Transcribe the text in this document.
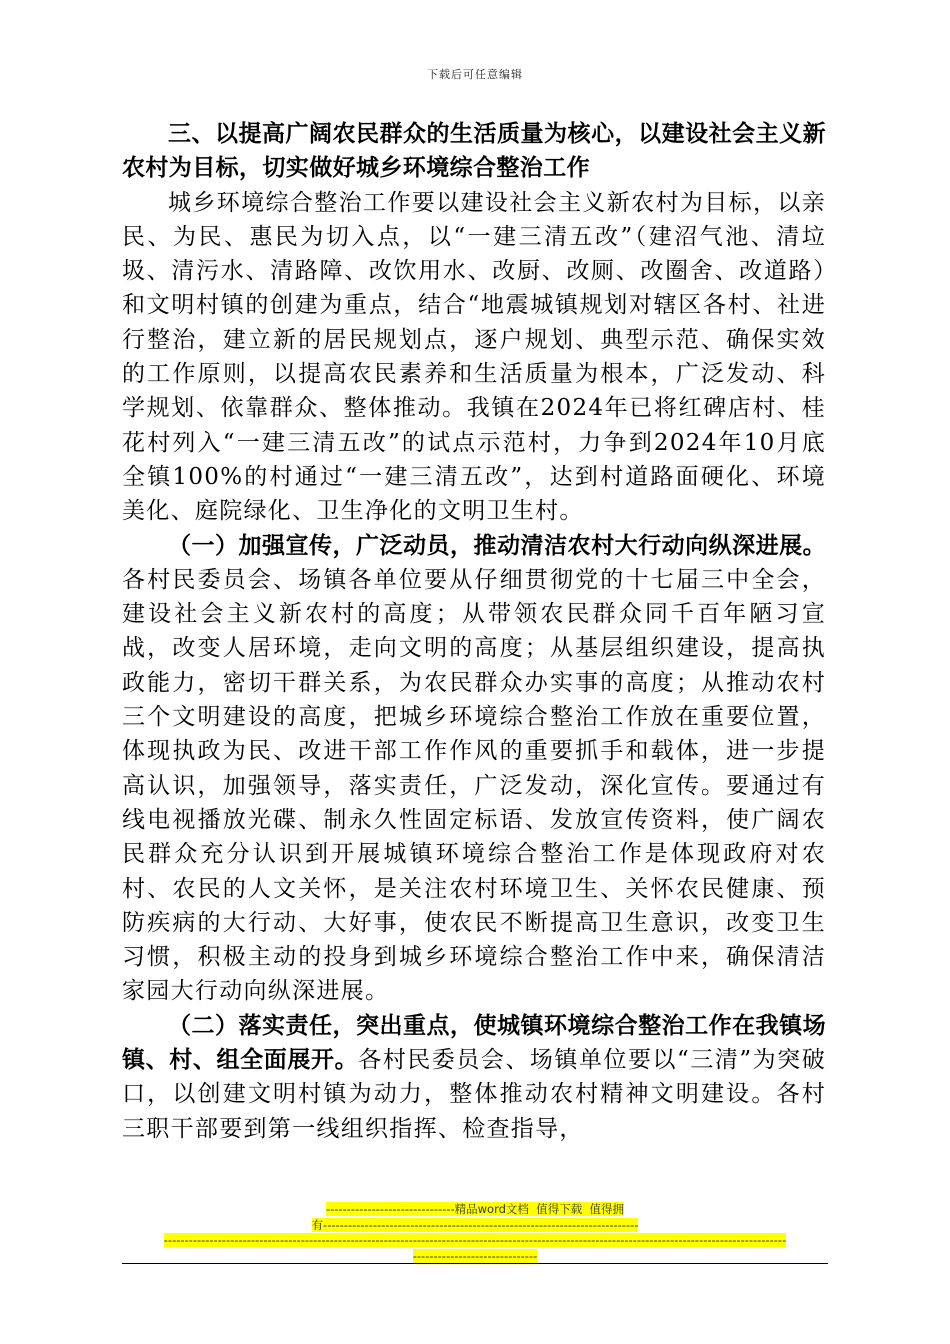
下载后可任意编辑

三、以提高广阔农民群众的生活质量为核心，以建设社会主义新农村为目标，切实做好城乡环境综合整治工作

城乡环境综合整治工作要以建设社会主义新农村为目标，以亲民、为民、惠民为切入点，以“一建三清五改”（建沼气池、清垃圾、清污水、清路障、改饮用水、改厨、改厕、改圈舍、改道路）和文明村镇的创建为重点，结合“地震城镇规划对辖区各村、社进行整治，建立新的居民规划点，逐户规划、典型示范、确保实效的工作原则，以提高农民素养和生活质量为根本，广泛发动、科学规划、依靠群众、整体推动。我镇在2024年已将红碑店村、桂花村列入“一建三清五改”的试点示范村，力争到2024年10月底全镇100%的村通过“一建三清五改”，达到村道路面硬化、环境美化、庭院绿化、卫生净化的文明卫生村。

（一）加强宣传，广泛动员，推动清洁农村大行动向纵深进展。各村民委员会、场镇各单位要从仔细贯彻党的十七届三中全会，建设社会主义新农村的高度；从带领农民群众同千百年陋习宣战，改变人居环境，走向文明的高度；从基层组织建设，提高执政能力，密切干群关系，为农民群众办实事的高度；从推动农村三个文明建设的高度，把城乡环境综合整治工作放在重要位置，体现执政为民、改进干部工作作风的重要抓手和载体，进一步提高认识，加强领导，落实责任，广泛发动，深化宣传。要通过有线电视播放光碟、制永久性固定标语、发放宣传资料，使广阔农民群众充分认识到开展城镇环境综合整治工作是体现政府对农村、农民的人文关怀，是关注农村环境卫生、关怀农民健康、预防疾病的大行动、大好事，使农民不断提高卫生意识，改变卫生习惯，积极主动的投身到城乡环境综合整治工作中来，确保清洁家园大行动向纵深进展。

（二）落实责任，突出重点，使城镇环境综合整治工作在我镇场镇、村、组全面展开。各村民委员会、场镇单位要以“三清”为突破口，以创建文明村镇为动力，整体推动农村精神文明建设。各村三职干部要到第一线组织指挥、检查指导，

-------------------------------精品word文档  值得下载  值得拥
有----------------------------------------------------------------------------
------------------------------------------------------------------------------------------------------------------------------------------------------
------------------------------
